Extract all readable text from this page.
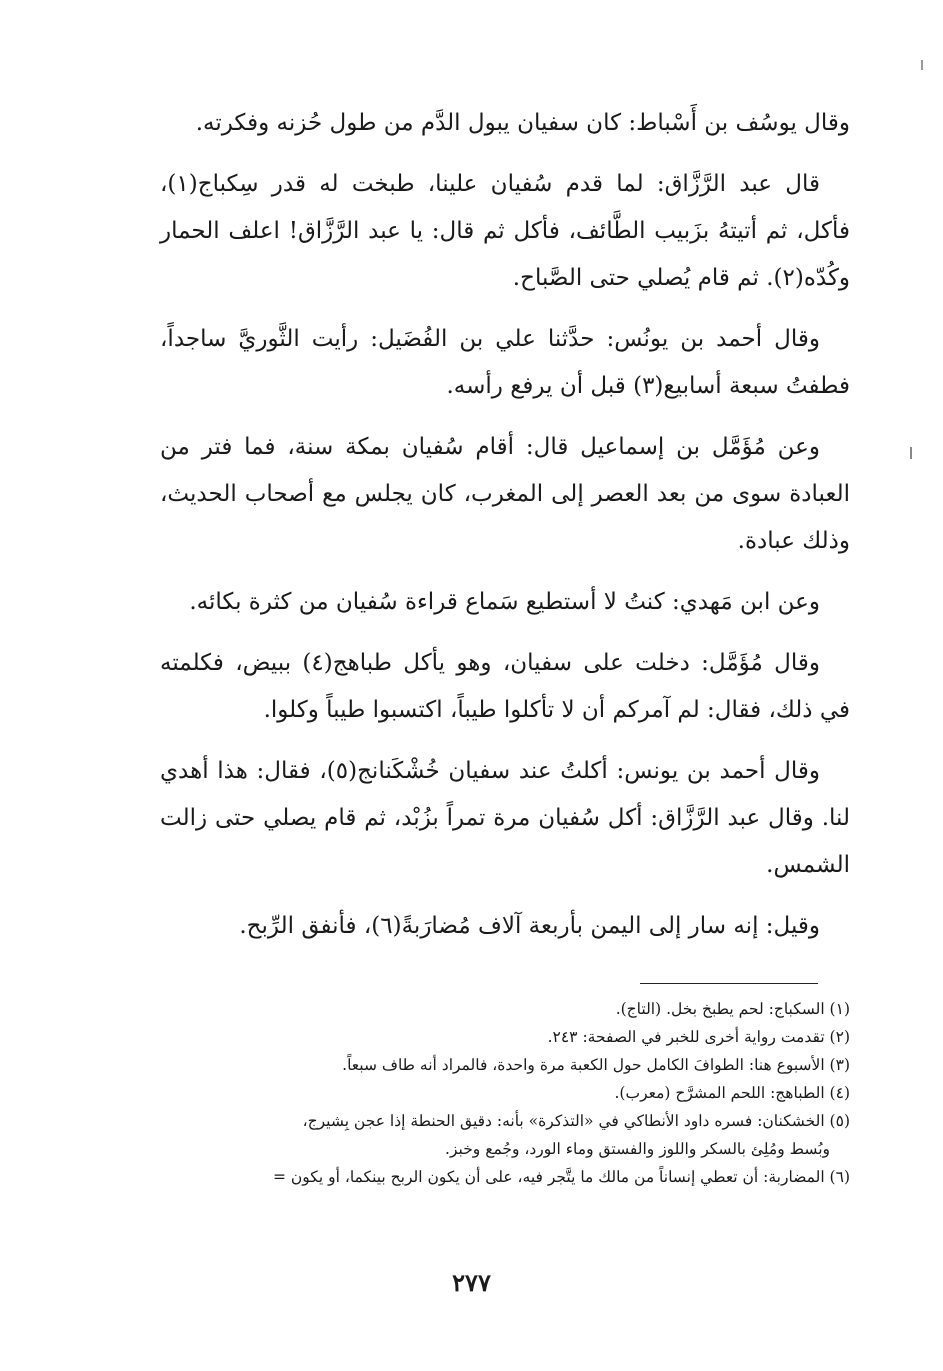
وقال يوسُف بن أَسْباط: كان سفيان يبول الدَّم من طول حُزنه وفكرته.

قال عبد الرَّزَّاق: لما قدم سُفيان علينا، طبخت له قدر سِكباج(١)، فأكل، ثم أتيتهُ بزَبيب الطَّائف، فأكل ثم قال: يا عبد الرَّزَّاق! اعلف الحمار وكُدّه(٢). ثم قام يُصلي حتى الصَّباح.

وقال أحمد بن يونُس: حدَّثنا علي بن الفُضَيل: رأيت الثَّوريَّ ساجداً، فطفتُ سبعة أسابيع(٣) قبل أن يرفع رأسه.

وعن مُؤَمَّل بن إسماعيل قال: أقام سُفيان بمكة سنة، فما فتر من العبادة سوى من بعد العصر إلى المغرب، كان يجلس مع أصحاب الحديث، وذلك عبادة.

وعن ابن مَهدي: كنتُ لا أستطيع سَماع قراءة سُفيان من كثرة بكائه.

وقال مُؤَمَّل: دخلت على سفيان، وهو يأكل طباهج(٤) ببيض، فكلمته في ذلك، فقال: لم آمركم أن لا تأكلوا طيباً، اكتسبوا طيباً وكلوا.

وقال أحمد بن يونس: أكلتُ عند سفيان خُشْكَنانج(٥)، فقال: هذا أهدي لنا. وقال عبد الرَّزَّاق: أكل سُفيان مرة تمراً بزُبْد، ثم قام يصلي حتى زالت الشمس.

وقيل: إنه سار إلى اليمن بأربعة آلاف مُضارَبةً(٦)، فأنفق الرِّبح.

(١) السكباج: لحم يطبخ بخل. (التاج).

(٢) تقدمت رواية أخرى للخبر في الصفحة: ٢٤٣.

(٣) الأسبوع هنا: الطوافَ الكامل حول الكعبة مرة واحدة، فالمراد أنه طاف سبعاً.

(٤) الطباهج: اللحم المشرَّح (معرب).

(٥) الخشكنان: فسره داود الأنطاكي في «التذكرة» بأنه: دقيق الحنطة إذا عجن بِشيرج،

وبُسط ومُلِئ بالسكر واللوز والفستق وماء الورد، وجُمع وخبز.

(٦) المضاربة: أن تعطي إنساناً من مالك ما يتَّجر فيه، على أن يكون الربح بينكما، أو يكون =

٢٧٧
